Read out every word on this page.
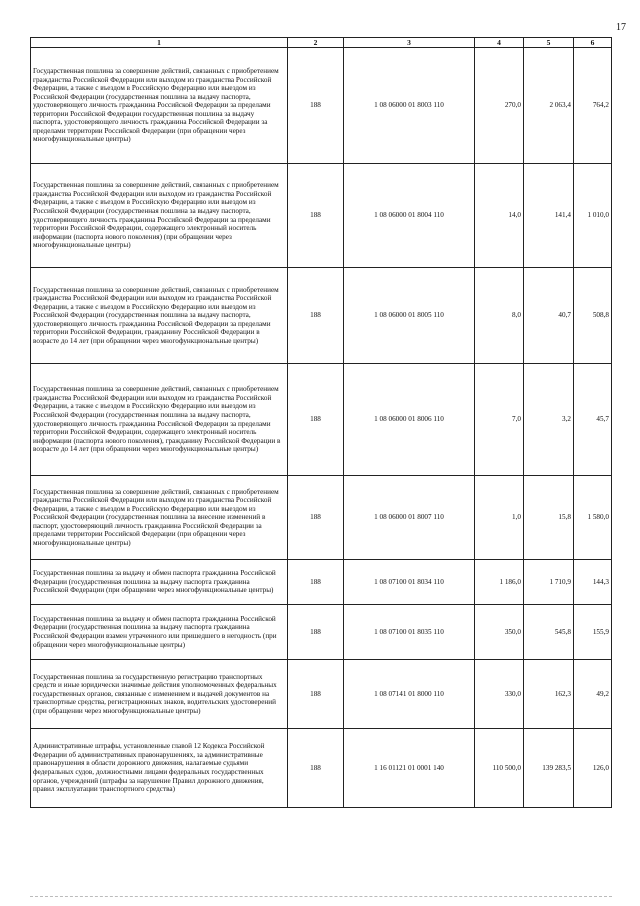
17
1	2	3	4	5	6
Государственная пошлина за совершение действий, связанных с приобретением гражданства Российской Федерации или выходом из гражданства Российской Федерации, а также с въездом в Российскую Федерацию или выездом из Российской Федерации (государственная пошлина за выдачу паспорта, удостоверяющего личность гражданина Российской Федерации за пределами территории Российской Федерации государственная пошлина за выдачу паспорта, удостоверяющего личность гражданина Российской Федерации за пределами территории Российской Федерации (при обращении через многофункциональные центры)	188	1 08 06000 01 8003 110	270,0	2 063,4	764,2
Государственная пошлина за совершение действий, связанных с приобретением гражданства Российской Федерации или выходом из гражданства Российской Федерации, а также с въездом в Российскую Федерацию или выездом из Российской Федерации (государственная пошлина за выдачу паспорта, удостоверяющего личность гражданина Российской Федерации за пределами территории Российской Федерации, содержащего электронный носитель информации (паспорта нового поколения) (при обращении через многофункциональные центры)	188	1 08 06000 01 8004 110	14,0	141,4	1 010,0
Государственная пошлина за совершение действий, связанных с приобретением гражданства Российской Федерации или выходом из гражданства Российской Федерации, а также с въездом в Российскую Федерацию или выездом из Российской Федерации (государственная пошлина за выдачу паспорта, удостоверяющего личность гражданина Российской Федерации за пределами территории Российской Федерации, гражданину Российской Федерации в возрасте до 14 лет (при обращении через многофункциональные центры)	188	1 08 06000 01 8005 110	8,0	40,7	508,8
Государственная пошлина за совершение действий, связанных с приобретением гражданства Российской Федерации или выходом из гражданства Российской Федерации, а также с въездом в Российскую Федерацию или выездом из Российской Федерации (государственная пошлина за выдачу паспорта, удостоверяющего личность гражданина Российской Федерации за пределами территории Российской Федерации, содержащего электронный носитель информации (паспорта нового поколения), гражданину Российской Федерации в возрасте до 14 лет (при обращении через многофункциональные центры)	188	1 08 06000 01 8006 110	7,0	3,2	45,7
Государственная пошлина за совершение действий, связанных с приобретением гражданства Российской Федерации или выходом из гражданства Российской Федерации, а также с въездом в Российскую Федерацию или выездом из Российской Федерации (государственная пошлина за внесение изменений в паспорт, удостоверяющий личность гражданина Российской Федерации за пределами территории Российской Федерации (при обращении через многофункциональные центры)	188	1 08 06000 01 8007 110	1,0	15,8	1 580,0
Государственная пошлина за выдачу и обмен паспорта гражданина Российской Федерации (государственная пошлина за выдачу паспорта гражданина Российской Федерации (при обращении через многофункциональные центры)	188	1 08 07100 01 8034 110	1 186,0	1 710,9	144,3
Государственная пошлина за выдачу и обмен паспорта гражданина Российской Федерации (государственная пошлина за выдачу паспорта гражданина Российской Федерации взамен утраченного или пришедшего в негодность (при обращении через многофункциональные центры)	188	1 08 07100 01 8035 110	350,0	545,8	155,9
Государственная пошлина за государственную регистрацию транспортных средств и иные юридически значимые действия уполномоченных федеральных государственных органов, связанные с изменением и выдачей документов на транспортные средства, регистрационных знаков, водительских удостоверений (при обращении через многофункциональные центры)	188	1 08 07141 01 8000 110	330,0	162,3	49,2
Административные штрафы, установленные главой 12 Кодекса Российской Федерации об административных правонарушениях, за административные правонарушения в области дорожного движения, налагаемые судьями федеральных судов, должностными лицами федеральных государственных органов, учреждений (штрафы за нарушение Правил дорожного движения, правил эксплуатации транспортного средства)	188	1 16 01121 01 0001 140	110 500,0	139 283,5	126,0
